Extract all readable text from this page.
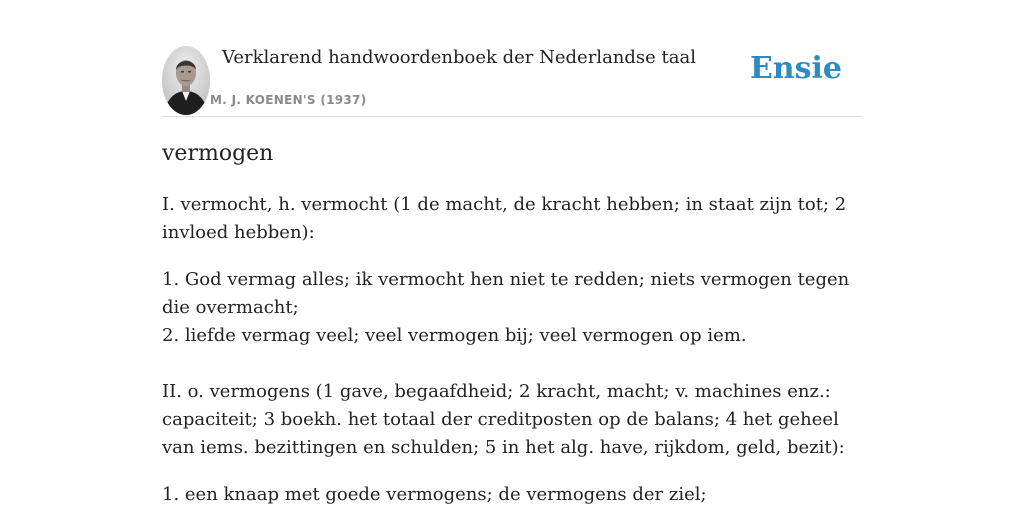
Verklarend handwoordenboek der Nederlandse taal
M. J. KOENEN'S (1937)
Ensie
vermogen

I. vermocht, h. vermocht (1 de macht, de kracht hebben; in staat zijn tot; 2 invloed hebben):

1. God vermag alles; ik vermocht hen niet te redden; niets vermogen tegen die overmacht;
2. liefde vermag veel; veel vermogen bij; veel vermogen op iem.

II. o. vermogens (1 gave, begaafdheid; 2 kracht, macht; v. machines enz.: capaciteit; 3 boekh. het totaal der creditposten op de balans; 4 het geheel van iems. bezittingen en schulden; 5 in het alg. have, rijkdom, geld, bezit):

1. een knaap met goede vermogens; de vermogens der ziel;
